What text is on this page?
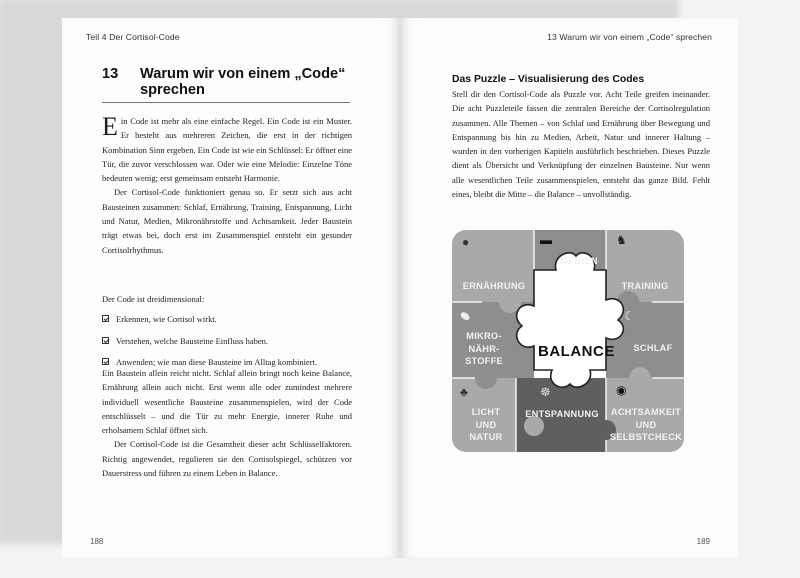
Teil 4 Der Cortisol-Code
13 Warum wir von einem „Code“ sprechen

Ein Code ist mehr als eine einfache Regel. Ein Code ist ein Muster. Er besteht aus mehreren Zeichen, die erst in der richtigen Kombination Sinn ergeben. Ein Code ist wie ein Schlüssel: Er öffnet eine Tür, die zuvor verschlossen war. Oder wie eine Melodie: Einzelne Töne bedeuten wenig; erst gemeinsam entsteht Harmonie.

Der Cortisol-Code funktioniert genau so. Er setzt sich aus acht Bausteinen zusammen: Schlaf, Ernährung, Training, Entspannung, Licht und Natur, Medien, Mikronährstoffe und Achtsamkeit. Jeder Baustein trägt etwas bei, doch erst im Zusammenspiel entsteht ein gesunder Cortisolrhythmus.

Der Code ist dreidimensional:

Erkennen, wie Cortisol wirkt.
Verstehen, welche Bausteine Einfluss haben.
Anwenden; wie man diese Bausteine im Alltag kombiniert.

Ein Baustein allein reicht nicht. Schlaf allein bringt noch keine Balance, Ernährung allein auch nicht. Erst wenn alle oder zumindest mehrere individuell wesentliche Bausteine zusammenspielen, wird der Code entschlüsselt – und die Tür zu mehr Energie, innerer Ruhe und erholsamem Schlaf öffnet sich.

Der Cortisol-Code ist die Gesamtheit dieser acht Schlüsselfaktoren. Richtig angewendet, regulieren sie den Cortisolspiegel, schützen vor Dauerstress und führen zu einem Leben in Balance.

188
13 Warum wir von einem „Code“ sprechen

Das Puzzle – Visualisierung des Codes

Stell dir den Cortisol-Code als Puzzle vor. Acht Teile greifen ineinander. Die acht Puzzleteile fassen die zentralen Bereiche der Cortisolregulation zusammen. Alle Themen – von Schlaf und Ernährung über Bewegung und Entspannung bis hin zu Medien, Arbeit, Natur und innerer Haltung – wurden in den vorherigen Kapiteln ausführlich beschrieben. Dieses Puzzle dient als Übersicht und Verknüpfung der einzelnen Bausteine. Nur wenn alle wesentlichen Teile zusammenspielen, entsteht das ganze Bild. Fehlt eines, bleibt die Mitte – die Balance – unvollständig.

●	▬	♞
⬬	☾
♣	☸	◉
ERNÄHRUNG
MEDIEN
TRAINING
MIKRO-
NÄHR-
STOFFE
SCHLAF
BALANCE
LICHT
UND
NATUR
ENTSPANNUNG	ACHTSAMKEIT
UND
SELBSTCHECK
189
